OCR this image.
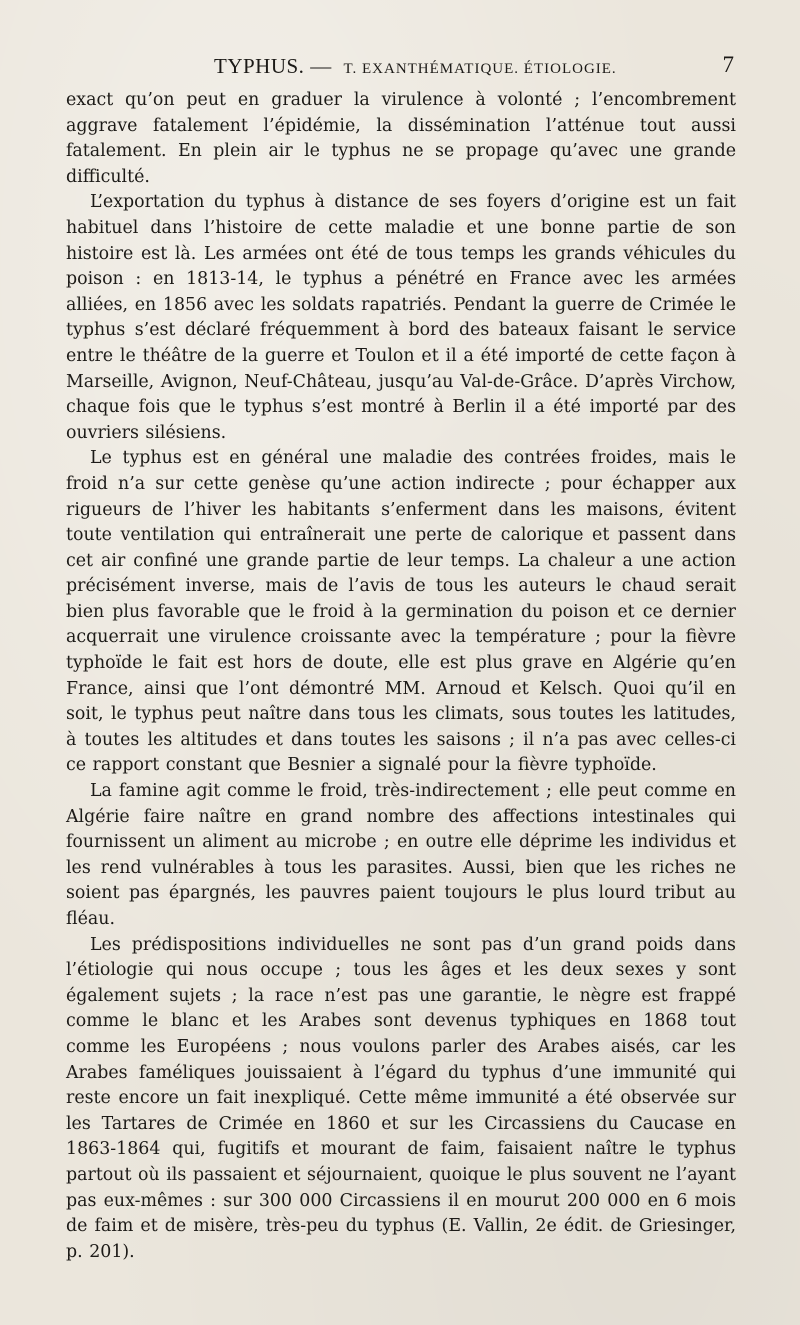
TYPHUS. — T. EXANTHÉMATIQUE. ÉTIOLOGIE.	7

exact qu’on peut en graduer la virulence à volonté ; l’encombrement aggrave fatalement l’épidémie, la dissémination l’atténue tout aussi fatalement. En plein air le typhus ne se propage qu’avec une grande difficulté.

L’exportation du typhus à distance de ses foyers d’origine est un fait habituel dans l’histoire de cette maladie et une bonne partie de son histoire est là. Les armées ont été de tous temps les grands véhicules du poison : en 1813-14, le typhus a pénétré en France avec les armées alliées, en 1856 avec les soldats rapatriés. Pendant la guerre de Crimée le typhus s’est déclaré fréquemment à bord des bateaux faisant le service entre le théâtre de la guerre et Toulon et il a été importé de cette façon à Marseille, Avignon, Neuf-Château, jusqu’au Val-de-Grâce. D’après Virchow, chaque fois que le typhus s’est montré à Berlin il a été importé par des ouvriers silésiens.

Le typhus est en général une maladie des contrées froides, mais le froid n’a sur cette genèse qu’une action indirecte ; pour échapper aux rigueurs de l’hiver les habitants s’enferment dans les maisons, évitent toute ventilation qui entraînerait une perte de calorique et passent dans cet air confiné une grande partie de leur temps. La chaleur a une action précisément inverse, mais de l’avis de tous les auteurs le chaud serait bien plus favorable que le froid à la germination du poison et ce dernier acquerrait une virulence croissante avec la température ; pour la fièvre typhoïde le fait est hors de doute, elle est plus grave en Algérie qu’en France, ainsi que l’ont démontré MM. Arnoud et Kelsch. Quoi qu’il en soit, le typhus peut naître dans tous les climats, sous toutes les latitudes, à toutes les altitudes et dans toutes les saisons ; il n’a pas avec celles-ci ce rapport constant que Besnier a signalé pour la fièvre typhoïde.

La famine agit comme le froid, très-indirectement ; elle peut comme en Algérie faire naître en grand nombre des affections intestinales qui fournissent un aliment au microbe ; en outre elle déprime les individus et les rend vulnérables à tous les parasites. Aussi, bien que les riches ne soient pas épargnés, les pauvres paient toujours le plus lourd tribut au fléau.

Les prédispositions individuelles ne sont pas d’un grand poids dans l’étiologie qui nous occupe ; tous les âges et les deux sexes y sont également sujets ; la race n’est pas une garantie, le nègre est frappé comme le blanc et les Arabes sont devenus typhiques en 1868 tout comme les Européens ; nous voulons parler des Arabes aisés, car les Arabes faméliques jouissaient à l’égard du typhus d’une immunité qui reste encore un fait inexpliqué. Cette même immunité a été observée sur les Tartares de Crimée en 1860 et sur les Circassiens du Caucase en 1863-1864 qui, fugitifs et mourant de faim, faisaient naître le typhus partout où ils passaient et séjournaient, quoique le plus souvent ne l’ayant pas eux-mêmes : sur 300 000 Circassiens il en mourut 200 000 en 6 mois de faim et de misère, très-peu du typhus (E. Vallin, 2e édit. de Griesinger, p. 201).
